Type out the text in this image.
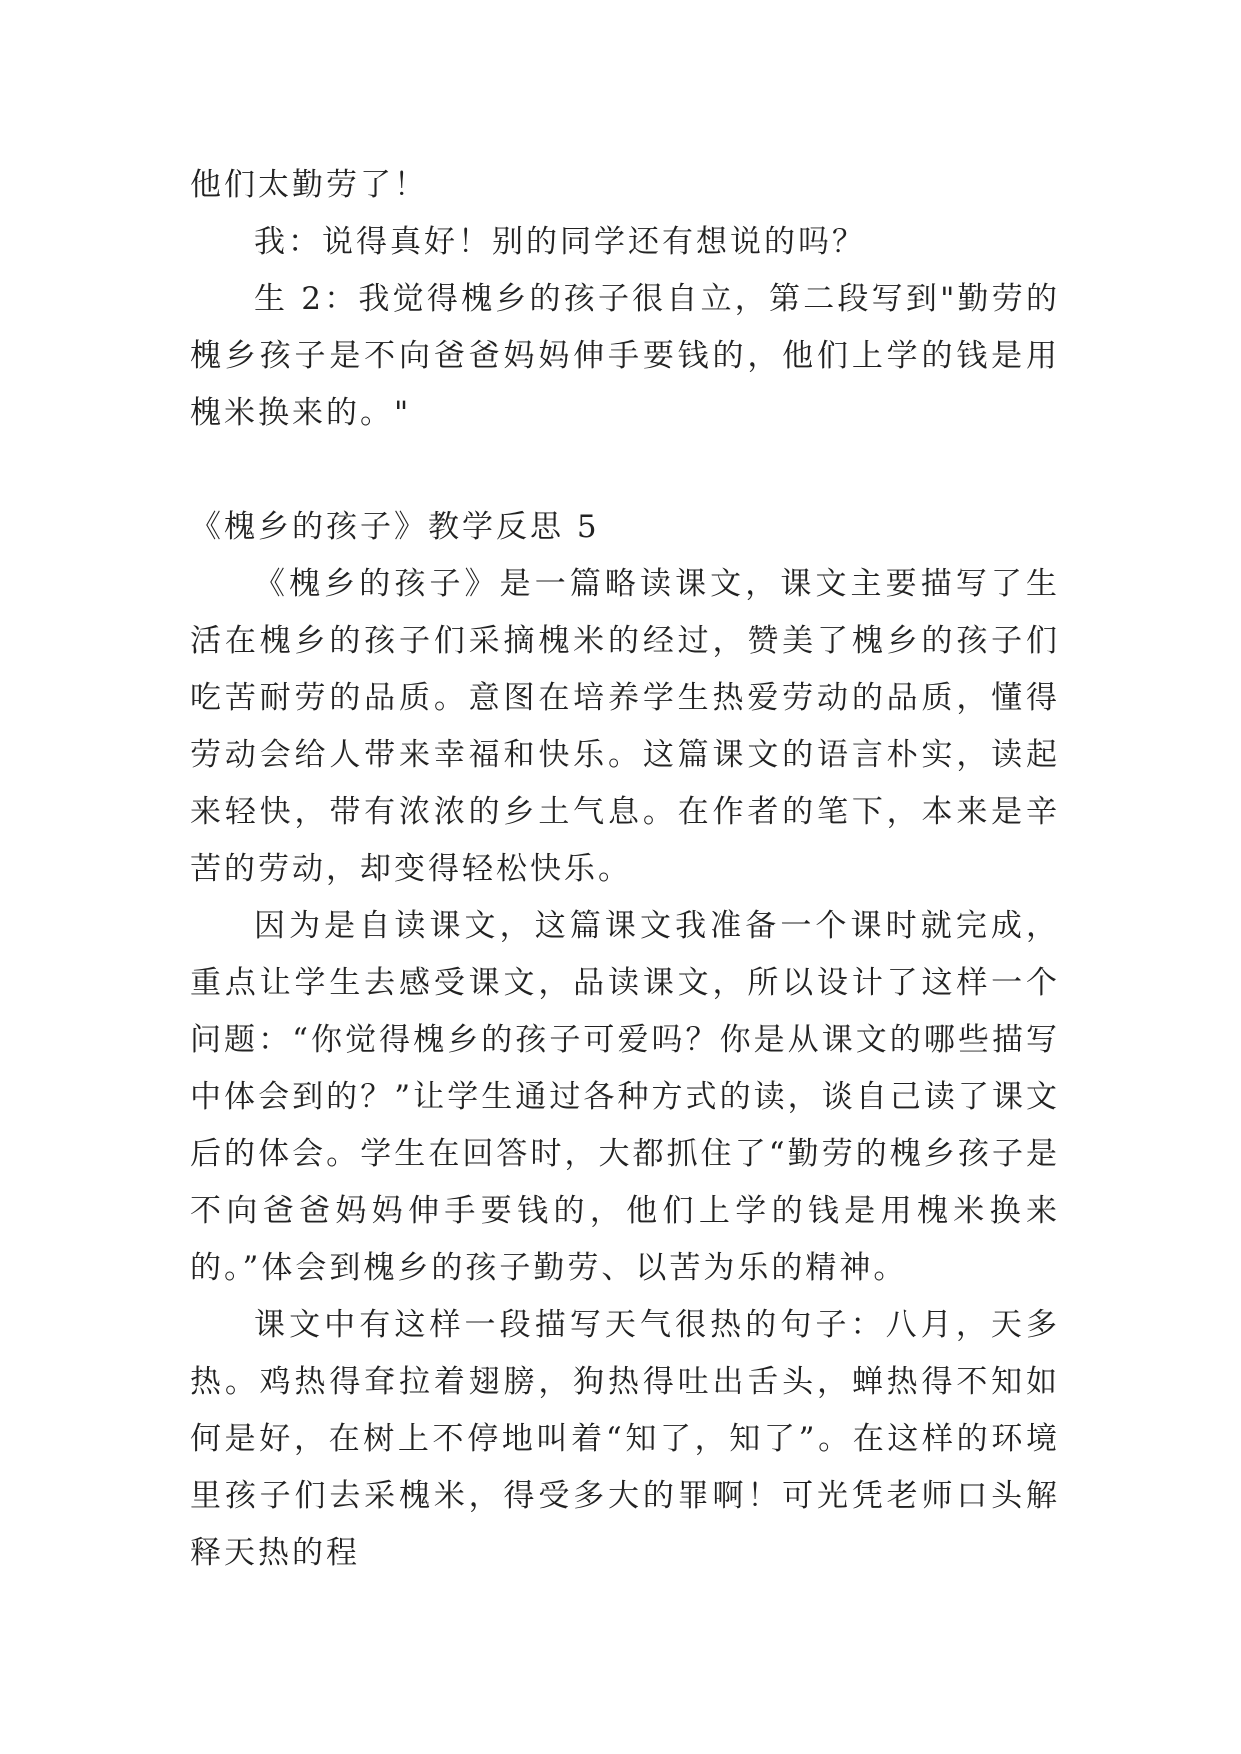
他们太勤劳了！

我：说得真好！别的同学还有想说的吗？

生 2：我觉得槐乡的孩子很自立，第二段写到"勤劳的槐乡孩子是不向爸爸妈妈伸手要钱的，他们上学的钱是用槐米换来的。"

《槐乡的孩子》教学反思 5

《槐乡的孩子》是一篇略读课文，课文主要描写了生活在槐乡的孩子们采摘槐米的经过，赞美了槐乡的孩子们吃苦耐劳的品质。意图在培养学生热爱劳动的品质，懂得劳动会给人带来幸福和快乐。这篇课文的语言朴实，读起来轻快，带有浓浓的乡土气息。在作者的笔下，本来是辛苦的劳动，却变得轻松快乐。

因为是自读课文，这篇课文我准备一个课时就完成，重点让学生去感受课文，品读课文，所以设计了这样一个问题：“你觉得槐乡的孩子可爱吗？你是从课文的哪些描写中体会到的？”让学生通过各种方式的读，谈自己读了课文后的体会。学生在回答时，大都抓住了“勤劳的槐乡孩子是不向爸爸妈妈伸手要钱的，他们上学的钱是用槐米换来的。”体会到槐乡的孩子勤劳、以苦为乐的精神。

课文中有这样一段描写天气很热的句子：八月，天多热。鸡热得耷拉着翅膀，狗热得吐出舌头，蝉热得不知如何是好，在树上不停地叫着“知了，知了”。在这样的环境里孩子们去采槐米，得受多大的罪啊！可光凭老师口头解释天热的程
